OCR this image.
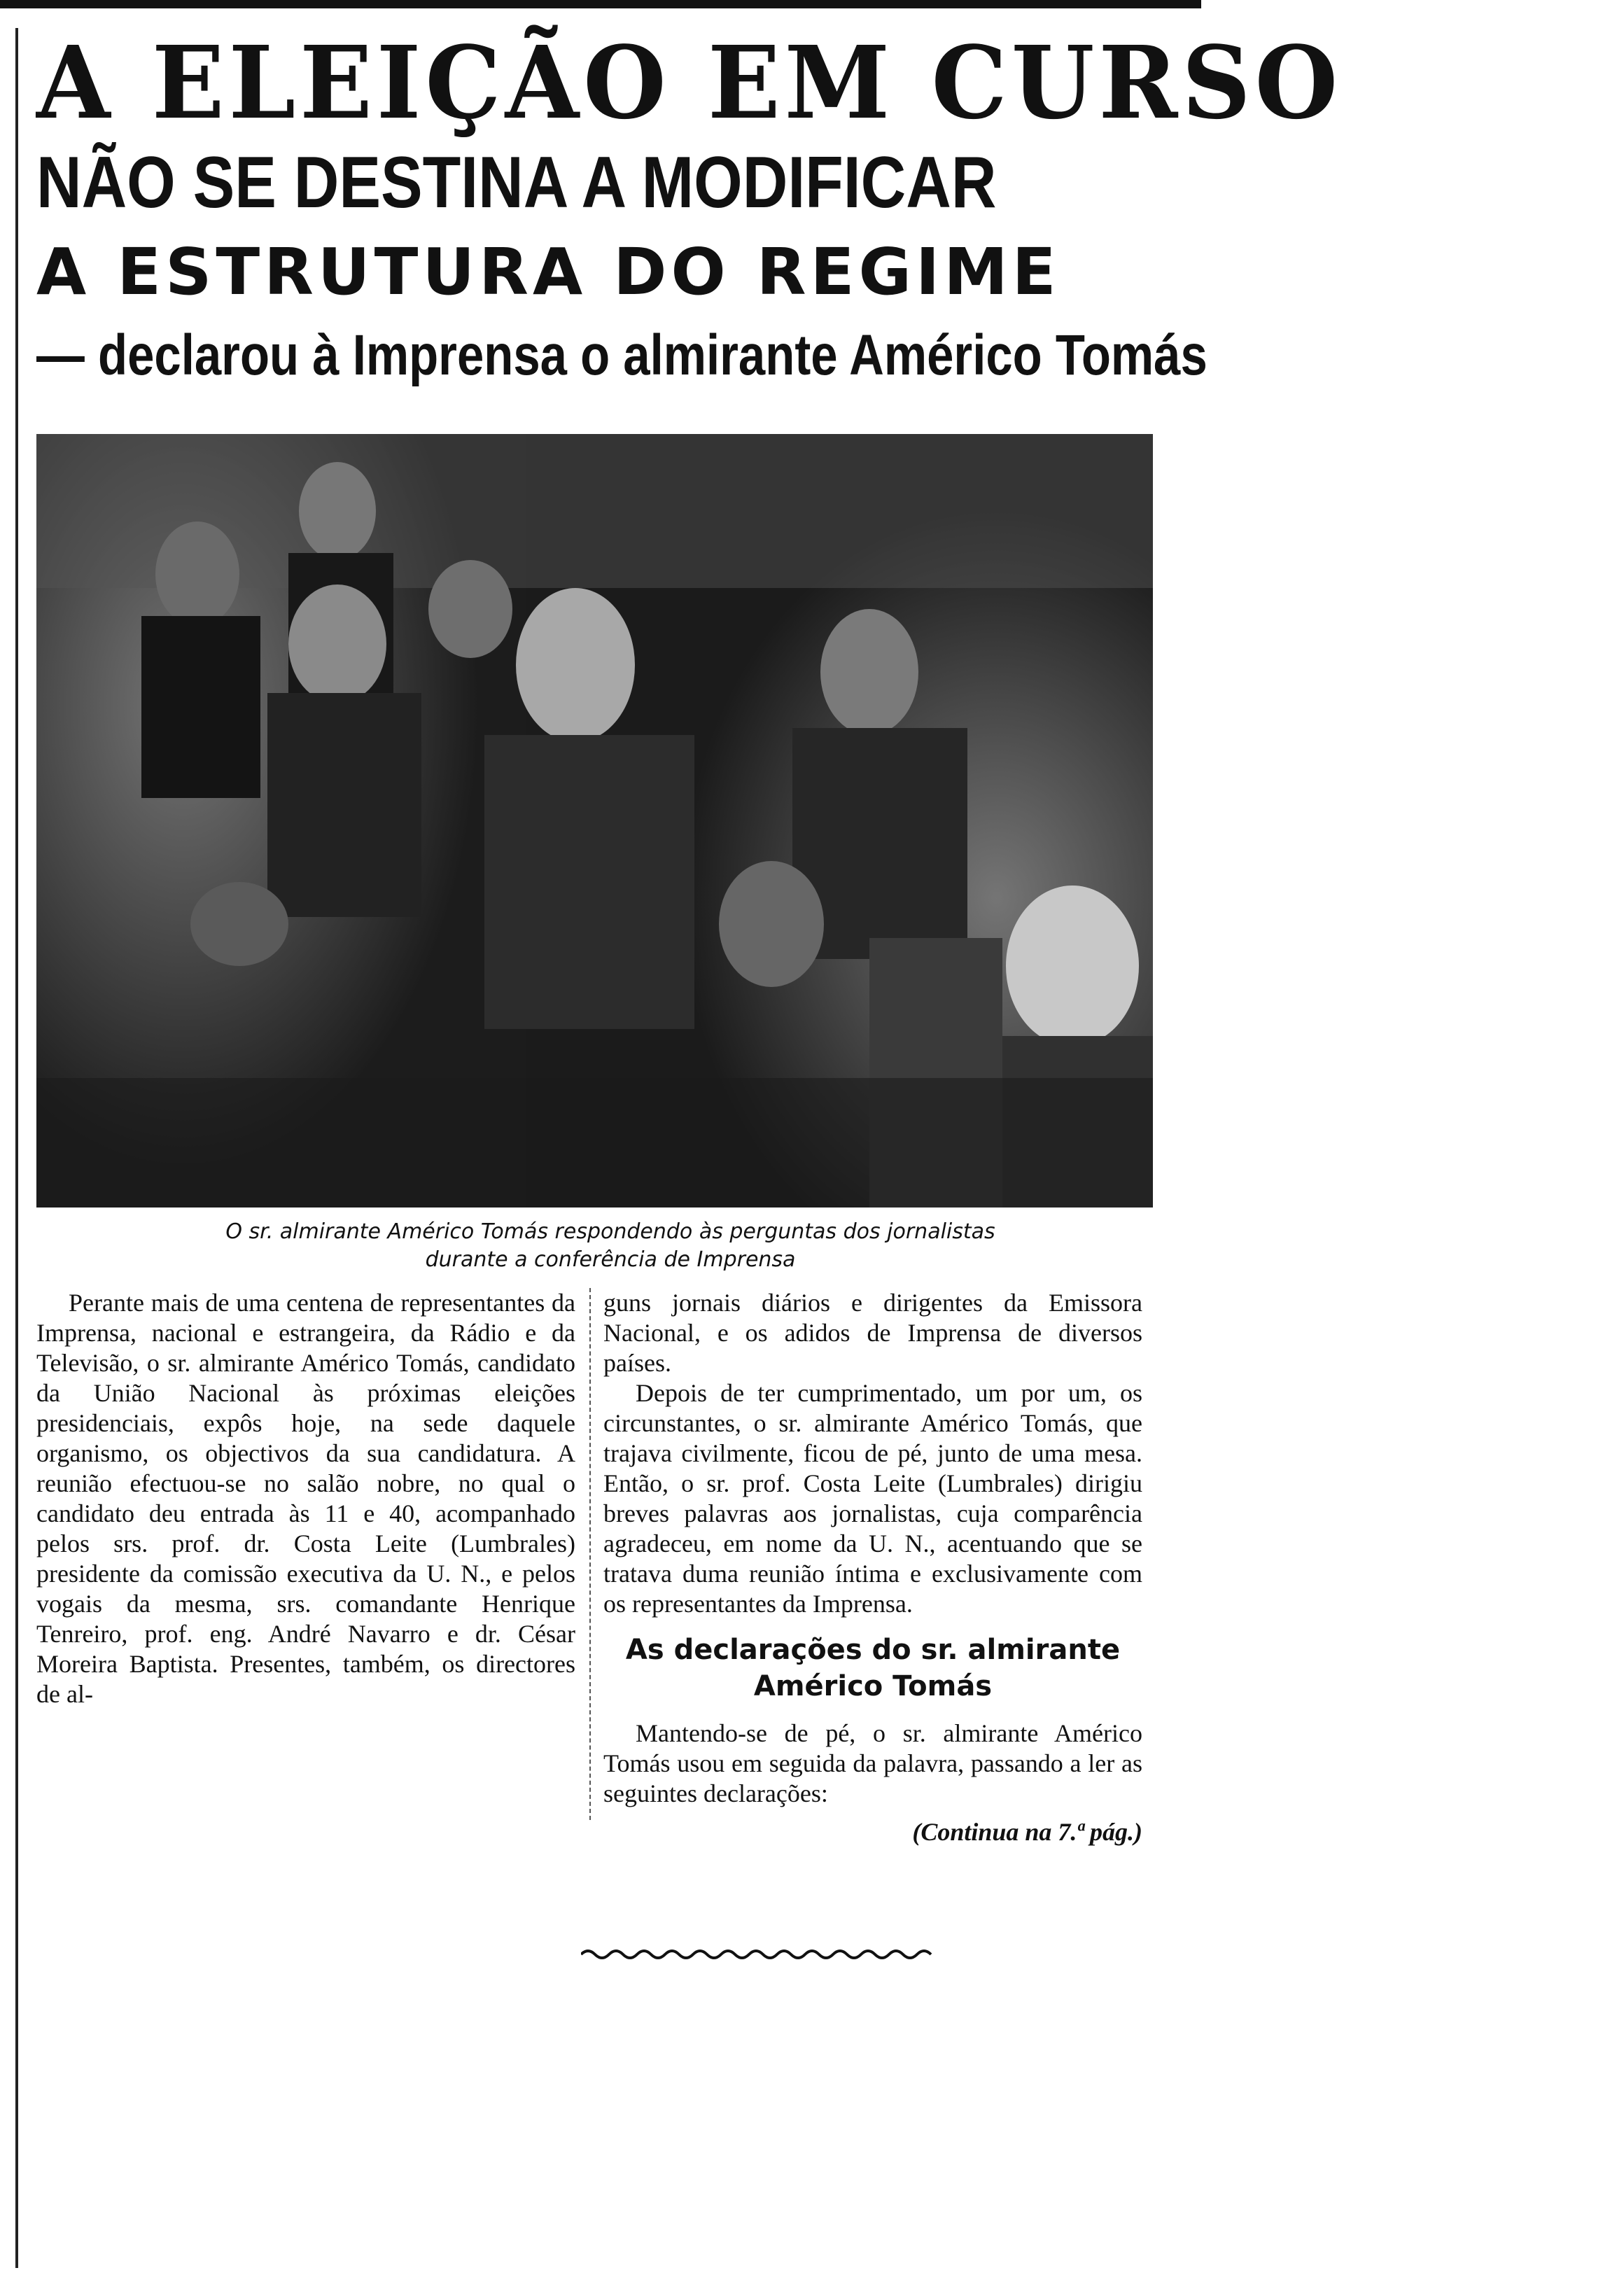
A ELEIÇÃO EM CURSO
NÃO SE DESTINA A MODIFICAR
A ESTRUTURA DO REGIME
— declarou à Imprensa o almirante Américo Tomás
O sr. almirante Américo Tomás respondendo às perguntas dos jornalistas
durante a conferência de Imprensa

Perante mais de uma centena de representantes da Imprensa, nacional e estrangeira, da Rádio e da Televisão, o sr. almirante Américo Tomás, candidato da União Nacional às próximas eleições presidenciais, expôs hoje, na sede daquele organismo, os objectivos da sua candidatura. A reunião efectuou-se no salão nobre, no qual o candidato deu entrada às 11 e 40, acompanhado pelos srs. prof. dr. Costa Leite (Lumbrales) presidente da comissão executiva da U. N., e pelos vogais da mesma, srs. comandante Henrique Tenreiro, prof. eng. André Navarro e dr. César Moreira Baptista. Presentes, também, os directores de al-

guns jornais diários e dirigentes da Emissora Nacional, e os adidos de Imprensa de diversos países.

Depois de ter cumprimentado, um por um, os circunstantes, o sr. almirante Américo Tomás, que trajava civilmente, ficou de pé, junto de uma mesa. Então, o sr. prof. Costa Leite (Lumbrales) dirigiu breves palavras aos jornalistas, cuja comparência agradeceu, em nome da U. N., acentuando que se tratava duma reunião íntima e exclusivamente com os representantes da Imprensa.

As declarações do sr. almirante Américo Tomás

Mantendo-se de pé, o sr. almirante Américo Tomás usou em seguida da palavra, passando a ler as seguintes declarações:

(Continua na 7.ª pág.)
